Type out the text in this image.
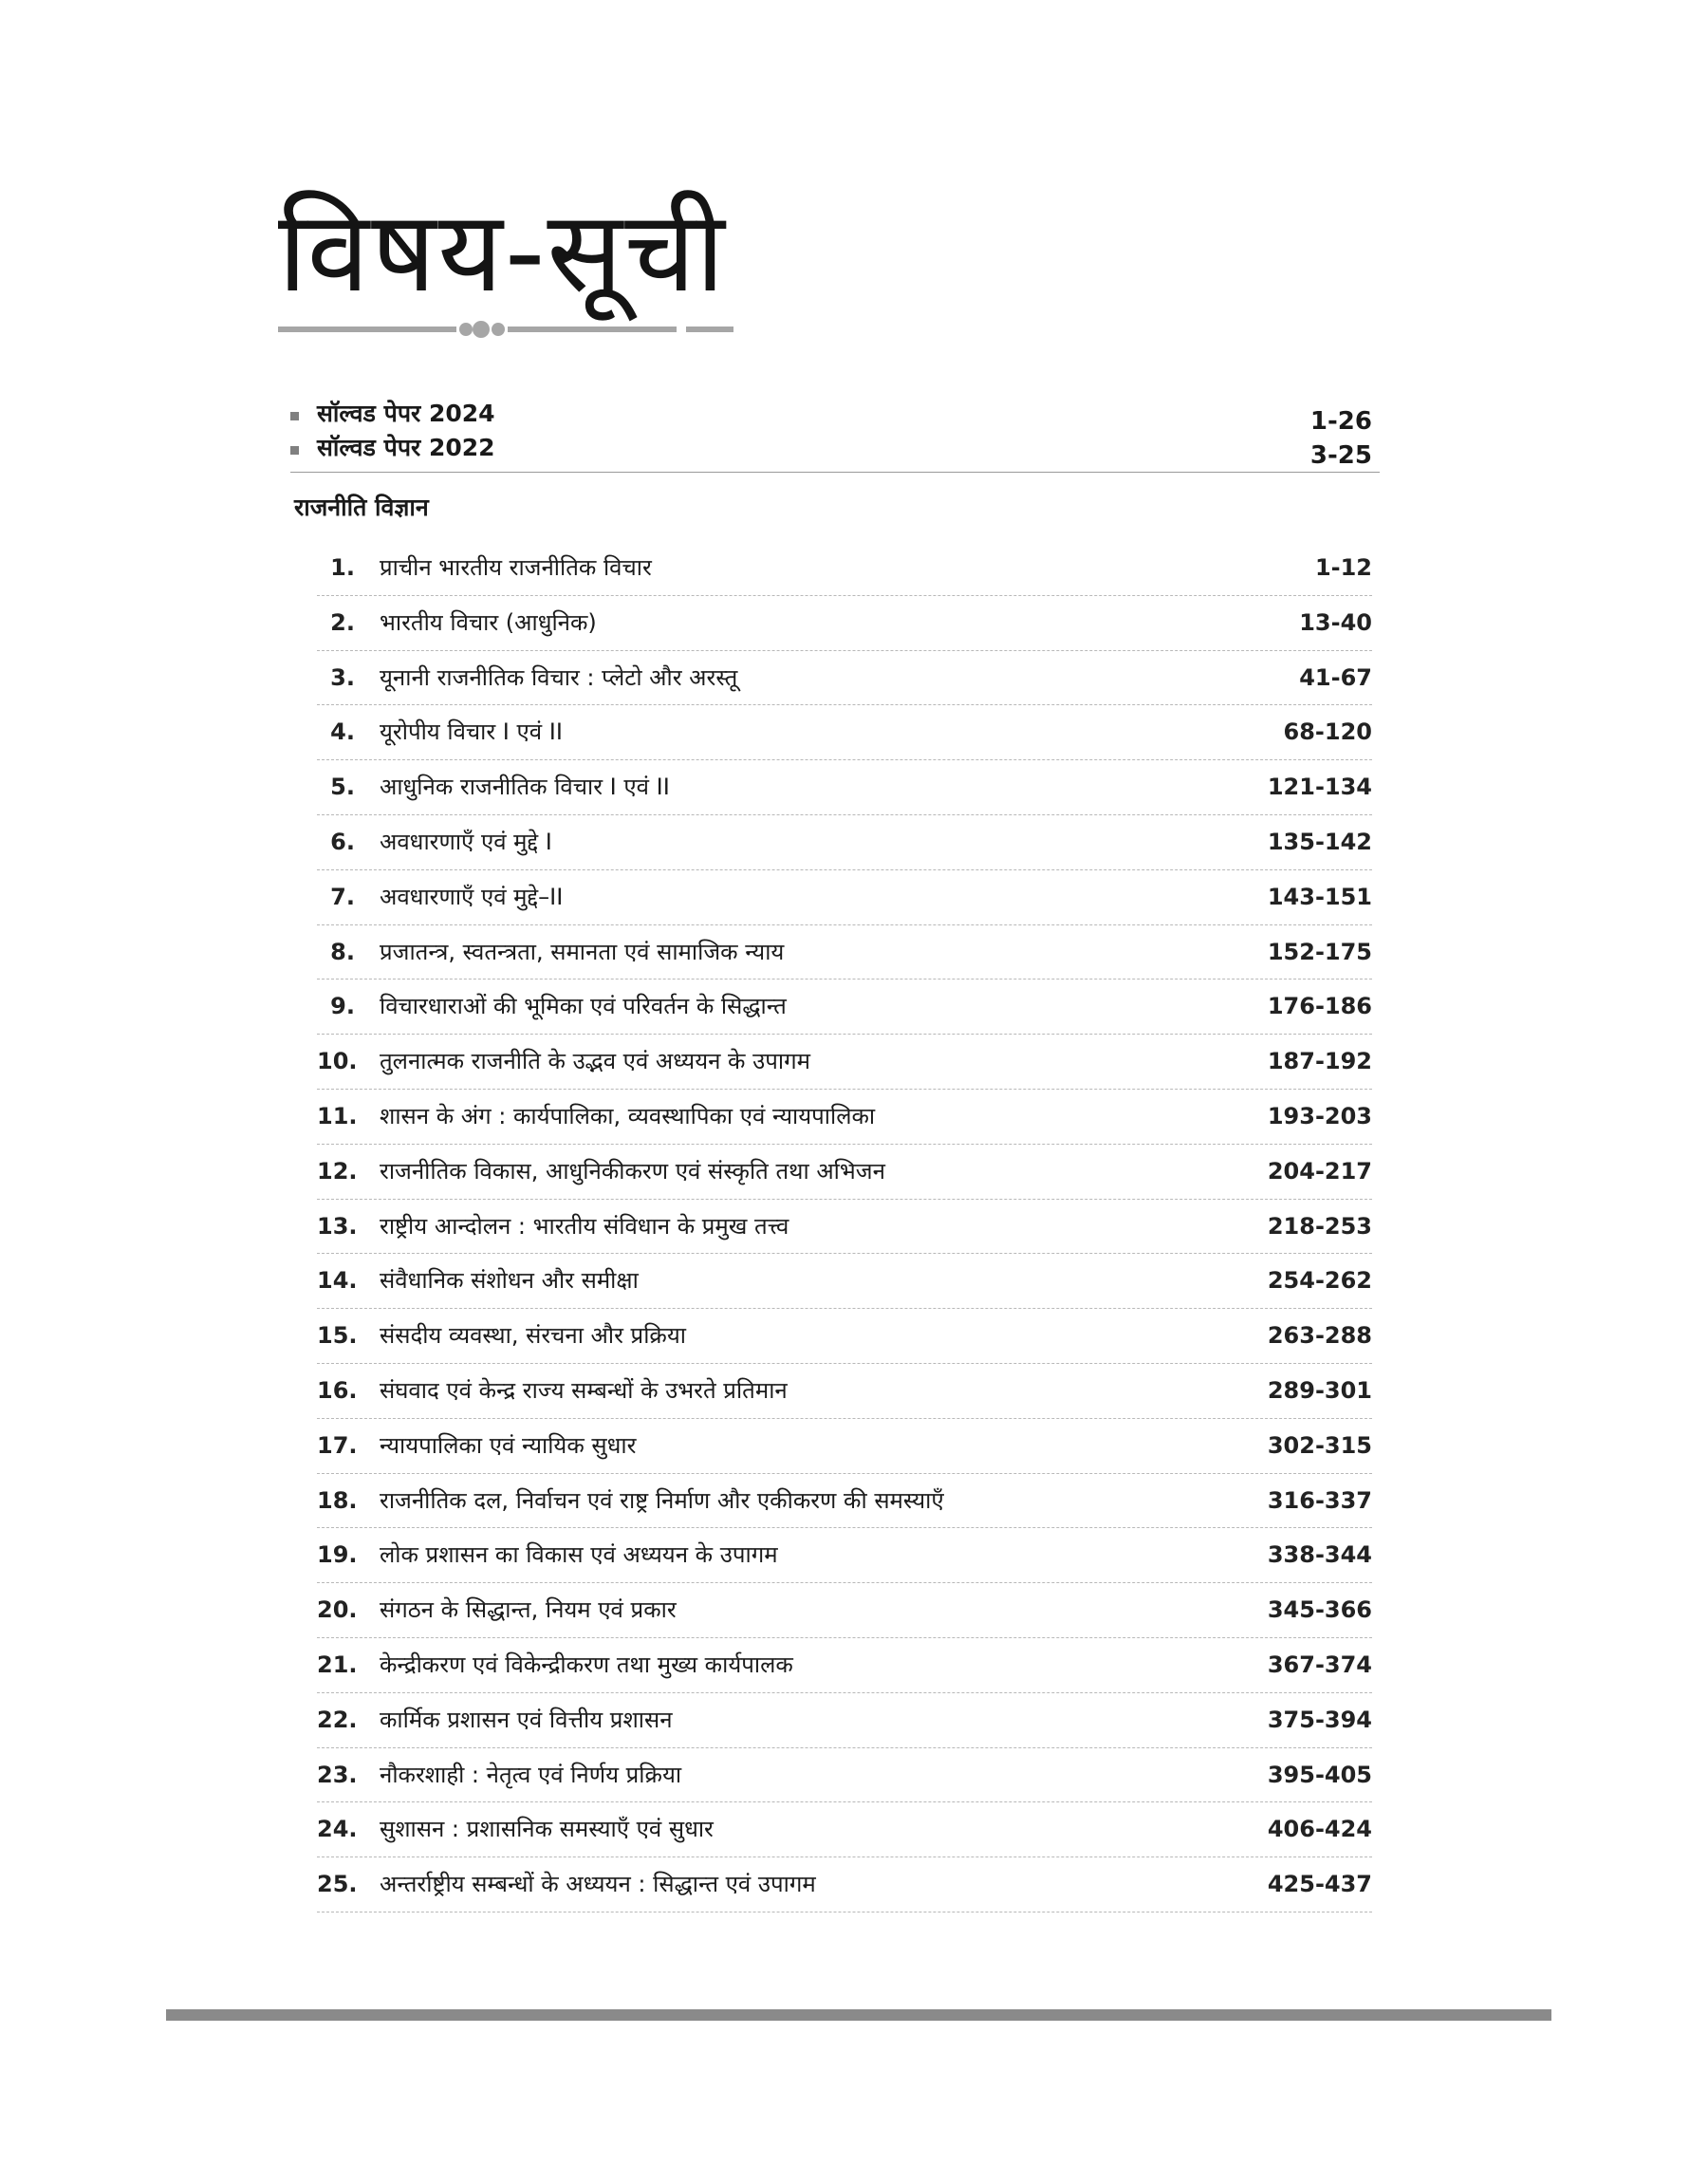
विषय-सूची
सॉल्वड पेपर 2024	1-26
सॉल्वड पेपर 2022	3-25
राजनीति विज्ञान
1. प्राचीन भारतीय राजनीतिक विचार	1-12
2. भारतीय विचार (आधुनिक)	13-40
3. यूनानी राजनीतिक विचार : प्लेटो और अरस्तू	41-67
4. यूरोपीय विचार I एवं II	68-120
5. आधुनिक राजनीतिक विचार I एवं II	121-134
6. अवधारणाएँ एवं मुद्दे I	135-142
7. अवधारणाएँ एवं मुद्दे–II	143-151
8. प्रजातन्त्र, स्वतन्त्रता, समानता एवं सामाजिक न्याय	152-175
9. विचारधाराओं की भूमिका एवं परिवर्तन के सिद्धान्त	176-186
10. तुलनात्मक राजनीति के उद्भव एवं अध्ययन के उपागम	187-192
11. शासन के अंग : कार्यपालिका, व्यवस्थापिका एवं न्यायपालिका	193-203
12. राजनीतिक विकास, आधुनिकीकरण एवं संस्कृति तथा अभिजन	204-217
13. राष्ट्रीय आन्दोलन : भारतीय संविधान के प्रमुख तत्त्व	218-253
14. संवैधानिक संशोधन और समीक्षा	254-262
15. संसदीय व्यवस्था, संरचना और प्रक्रिया	263-288
16. संघवाद एवं केन्द्र राज्य सम्बन्धों के उभरते प्रतिमान	289-301
17. न्यायपालिका एवं न्यायिक सुधार	302-315
18. राजनीतिक दल, निर्वाचन एवं राष्ट्र निर्माण और एकीकरण की समस्याएँ	316-337
19. लोक प्रशासन का विकास एवं अध्ययन के उपागम	338-344
20. संगठन के सिद्धान्त, नियम एवं प्रकार	345-366
21. केन्द्रीकरण एवं विकेन्द्रीकरण तथा मुख्य कार्यपालक	367-374
22. कार्मिक प्रशासन एवं वित्तीय प्रशासन	375-394
23. नौकरशाही : नेतृत्व एवं निर्णय प्रक्रिया	395-405
24. सुशासन : प्रशासनिक समस्याएँ एवं सुधार	406-424
25. अन्तर्राष्ट्रीय सम्बन्धों के अध्ययन : सिद्धान्त एवं उपागम	425-437
